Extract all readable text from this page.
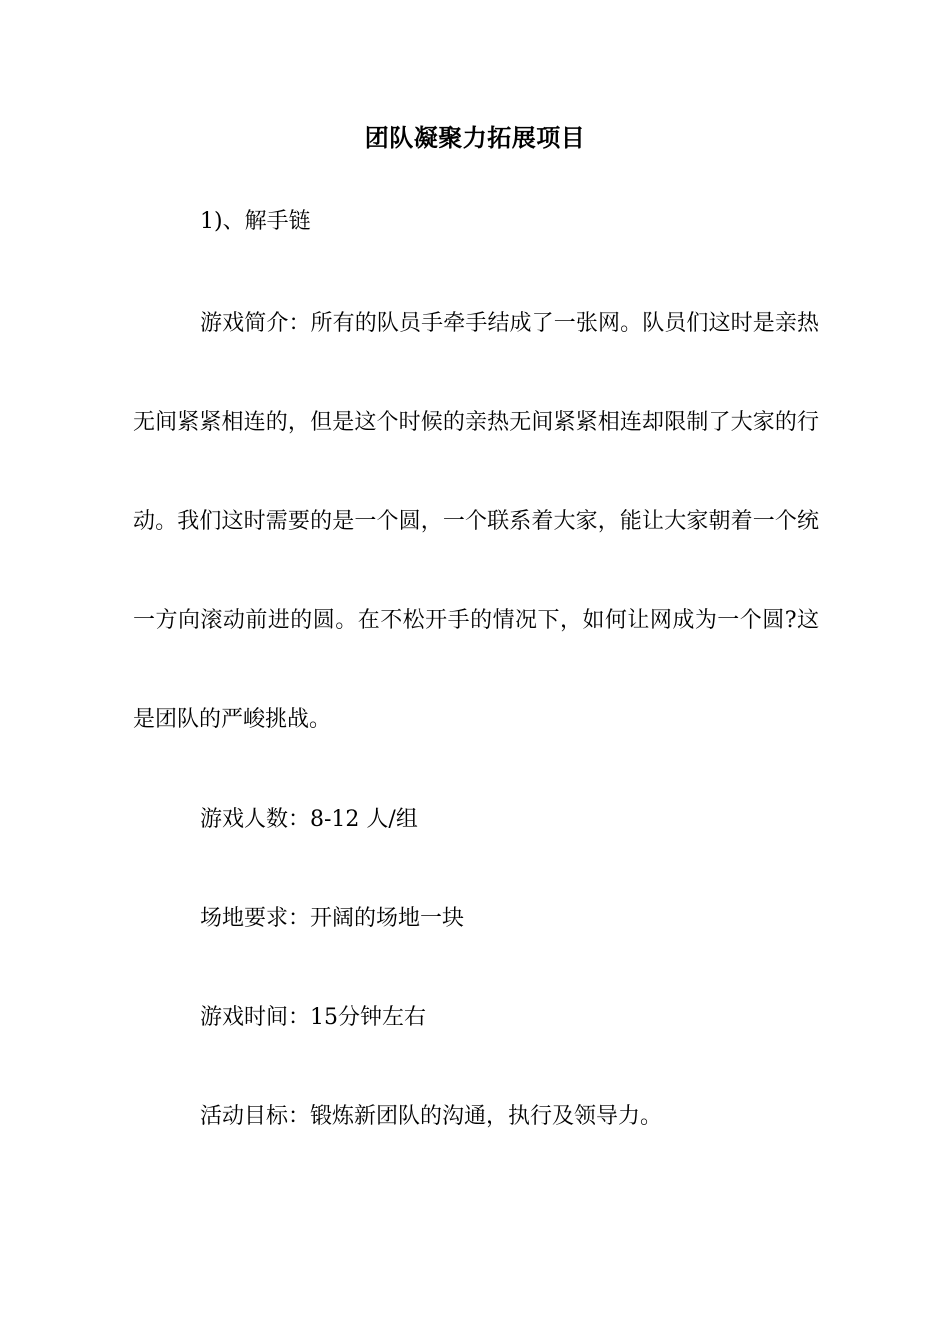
团队凝聚力拓展项目

1)、解手链

游戏简介：所有的队员手牵手结成了一张网。队员们这时是亲热无间紧紧相连的，但是这个时候的亲热无间紧紧相连却限制了大家的行动。我们这时需要的是一个圆，一个联系着大家，能让大家朝着一个统一方向滚动前进的圆。在不松开手的情况下，如何让网成为一个圆?这是团队的严峻挑战。

游戏人数：8-12 人/组

场地要求：开阔的场地一块

游戏时间：15分钟左右

活动目标：锻炼新团队的沟通，执行及领导力。
